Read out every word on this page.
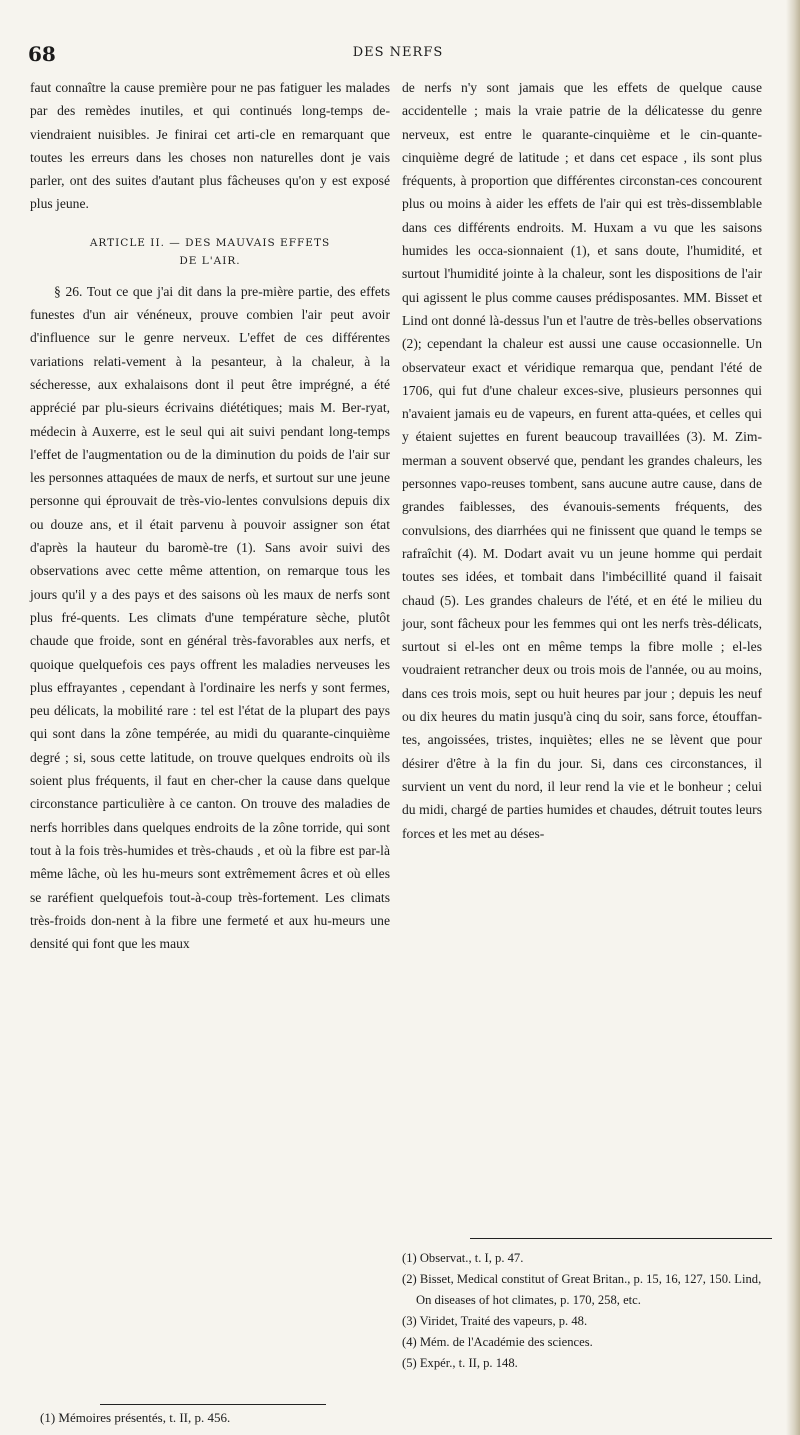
68	DES NERFS

faut connaître la cause première pour ne pas fatiguer les malades par des remèdes inutiles, et qui continués long-temps de-viendraient nuisibles. Je finirai cet arti-cle en remarquant que toutes les erreurs dans les choses non naturelles dont je vais parler, ont des suites d'autant plus fâcheuses qu'on y est exposé plus jeune.

ARTICLE II. — DES MAUVAIS EFFETS
DE L'AIR.

§ 26. Tout ce que j'ai dit dans la pre-mière partie, des effets funestes d'un air vénéneux, prouve combien l'air peut avoir d'influence sur le genre nerveux. L'effet de ces différentes variations relati-vement à la pesanteur, à la chaleur, à la sécheresse, aux exhalaisons dont il peut être imprégné, a été apprécié par plu-sieurs écrivains diététiques; mais M. Ber-ryat, médecin à Auxerre, est le seul qui ait suivi pendant long-temps l'effet de l'augmentation ou de la diminution du poids de l'air sur les personnes attaquées de maux de nerfs, et surtout sur une jeune personne qui éprouvait de très-vio-lentes convulsions depuis dix ou douze ans, et il était parvenu à pouvoir assigner son état d'après la hauteur du baromè-tre (1). Sans avoir suivi des observations avec cette même attention, on remarque tous les jours qu'il y a des pays et des saisons où les maux de nerfs sont plus fré-quents. Les climats d'une température sèche, plutôt chaude que froide, sont en général très-favorables aux nerfs, et quoique quelquefois ces pays offrent les maladies nerveuses les plus effrayantes , cependant à l'ordinaire les nerfs y sont fermes, peu délicats, la mobilité rare : tel est l'état de la plupart des pays qui sont dans la zône tempérée, au midi du quarante-cinquième degré ; si, sous cette latitude, on trouve quelques endroits où ils soient plus fréquents, il faut en cher-cher la cause dans quelque circonstance particulière à ce canton. On trouve des maladies de nerfs horribles dans quelques endroits de la zône torride, qui sont tout à la fois très-humides et très-chauds , et où la fibre est par-là même lâche, où les hu-meurs sont extrêmement âcres et où elles se raréfient quelquefois tout-à-coup très-fortement. Les climats très-froids don-nent à la fibre une fermeté et aux hu-meurs une densité qui font que les maux

de nerfs n'y sont jamais que les effets de quelque cause accidentelle ; mais la vraie patrie de la délicatesse du genre nerveux, est entre le quarante-cinquième et le cin-quante-cinquième degré de latitude ; et dans cet espace , ils sont plus fréquents, à proportion que différentes circonstan-ces concourent plus ou moins à aider les effets de l'air qui est très-dissemblable dans ces différents endroits. M. Huxam a vu que les saisons humides les occa-sionnaient (1), et sans doute, l'humidité, et surtout l'humidité jointe à la chaleur, sont les dispositions de l'air qui agissent le plus comme causes prédisposantes. MM. Bisset et Lind ont donné là-dessus l'un et l'autre de très-belles observations (2); cependant la chaleur est aussi une cause occasionnelle. Un observateur exact et véridique remarqua que, pendant l'été de 1706, qui fut d'une chaleur exces-sive, plusieurs personnes qui n'avaient jamais eu de vapeurs, en furent atta-quées, et celles qui y étaient sujettes en furent beaucoup travaillées (3). M. Zim-merman a souvent observé que, pendant les grandes chaleurs, les personnes vapo-reuses tombent, sans aucune autre cause, dans de grandes faiblesses, des évanouis-sements fréquents, des convulsions, des diarrhées qui ne finissent que quand le temps se rafraîchit (4). M. Dodart avait vu un jeune homme qui perdait toutes ses idées, et tombait dans l'imbécillité quand il faisait chaud (5). Les grandes chaleurs de l'été, et en été le milieu du jour, sont fâcheux pour les femmes qui ont les nerfs très-délicats, surtout si el-les ont en même temps la fibre molle ; el-les voudraient retrancher deux ou trois mois de l'année, ou au moins, dans ces trois mois, sept ou huit heures par jour ; depuis les neuf ou dix heures du matin jusqu'à cinq du soir, sans force, étouffan-tes, angoissées, tristes, inquiètes; elles ne se lèvent que pour désirer d'être à la fin du jour. Si, dans ces circonstances, il survient un vent du nord, il leur rend la vie et le bonheur ; celui du midi, chargé de parties humides et chaudes, détruit toutes leurs forces et les met au déses-

(1) Mémoires présentés, t. II, p. 456.
(1) Observat., t. I, p. 47.
(2) Bisset, Medical constitut of Great Britan., p. 15, 16, 127, 150. Lind, On diseases of hot climates, p. 170, 258, etc.
(3) Viridet, Traité des vapeurs, p. 48.
(4) Mém. de l'Académie des sciences.
(5) Expér., t. II, p. 148.
